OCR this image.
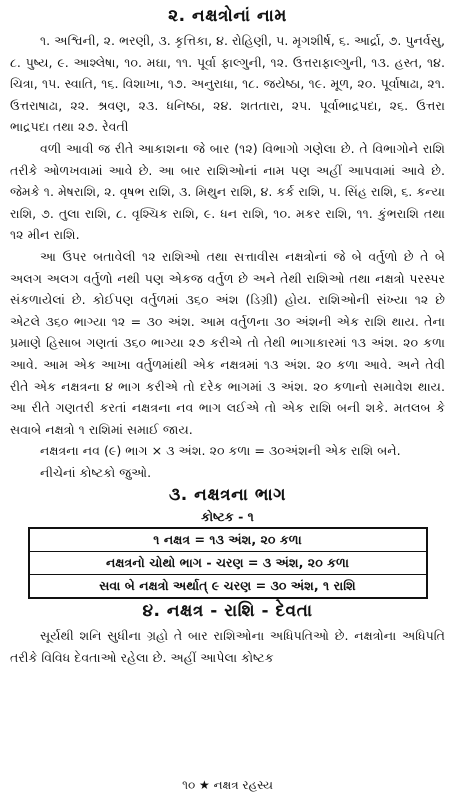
૨. નક્ષત્રોનાં નામ

૧. અશ્વિની, ૨. ભરણી, ૩. કૃત્તિકા, ૪. રોહિણી, ૫. મૃગશીર્ષ, ૬. આર્દ્રા, ૭. પુનર્વસુ, ૮. પુષ્ય, ૯. આશ્લેષા, ૧૦. મઘા, ૧૧. પૂર્વા ફાલ્ગુની, ૧૨. ઉત્તરાફાલ્ગુની, ૧૩. હસ્ત, ૧૪. ચિત્રા, ૧૫. સ્વાતિ, ૧૬. વિશાખા, ૧૭. અનુરાધા, ૧૮. જયેષ્ઠા, ૧૯. મૂળ, ૨૦. પૂર્વાષાઢા, ૨૧. ઉત્તરાષાઢા, ૨૨. શ્રવણ, ૨૩. ધનિષ્ઠા, ૨૪. શતતારા, ૨૫. પૂર્વાભાદ્રપદા, ૨૬. ઉત્તરા ભાદ્રપદા તથા ૨૭. રેવતી

વળી આવી જ રીતે આકાશના જે બાર (૧૨) વિભાગો ગણેલા છે. તે વિભાગોને રાશિ તરીકે ઓળખવામાં આવે છે. આ બાર રાશિઓનાં નામ પણ અહીં આપવામાં આવે છે. જેમકે ૧. મેષરાશિ, ૨. વૃષભ રાશિ, ૩. મિથુન રાશિ, ૪. કર્ક રાશિ, ૫. સિંહ રાશિ, ૬. કન્યા રાશિ, ૭. તુલા રાશિ, ૮. વૃશ્ચિક રાશિ, ૯. ધન રાશિ, ૧૦. મકર રાશિ, ૧૧. કુંભરાશિ તથા ૧૨ મીન રાશિ.

આ ઉપર બતાવેલી ૧૨ રાશિઓ તથા સત્તાવીસ નક્ષત્રોનાં જે બે વર્તુળો છે તે બે અલગ અલગ વર્તુળો નથી પણ એકજ વર્તુળ છે અને તેથી રાશિઓ તથા નક્ષત્રો પરસ્પર સંકળાયેલાં છે. કોઈપણ વર્તુળમાં ૩૬૦ અંશ (ડિગ્રી) હોય. રાશિઓની સંખ્યા ૧૨ છે એટલે ૩૬૦ ભાગ્યા ૧૨ = ૩૦ અંશ. આમ વર્તુળના ૩૦ અંશની એક રાશિ થાય. તેના પ્રમાણે હિસાબ ગણતાં ૩૬૦ ભાગ્યા ૨૭ કરીએ તો તેથી ભાગાકારમાં ૧૩ અંશ. ૨૦ કળા આવે. આમ એક આખા વર્તુળમાંથી એક નક્ષત્રમાં ૧૩ અંશ. ૨૦ કળા આવે. અને તેવી રીતે એક નક્ષત્રના ૪ ભાગ કરીએ તો દરેક ભાગમાં ૩ અંશ. ૨૦ કળાનો સમાવેશ થાય. આ રીતે ગણતરી કરતાં નક્ષત્રના નવ ભાગ લઈએ તો એક રાશિ બની શકે. મતલબ કે સવાબે નક્ષત્રો ૧ રાશિમાં સમાઈ જાય.

નક્ષત્રના નવ (૯) ભાગ × ૩ અંશ. ૨૦ કળા = ૩૦અંશની એક રાશિ બને.

નીચેનાં કોષ્ટકો જુઓ.

૩. નક્ષત્રના ભાગ
કોષ્ટક - ૧
૧ નક્ષત્ર = ૧૩ અંશ, ૨૦ કળા
નક્ષત્રનો ચોથો ભાગ - ચરણ = ૩ અંશ, ૨૦ કળા
સવા બે નક્ષત્રો અર્થાત્ ૯ ચરણ = ૩૦ અંશ, ૧ રાશિ
૪. નક્ષત્ર - રાશિ - દેવતા

સૂર્યથી શનિ સુધીના ગ્રહો તે બાર રાશિઓના અધિપતિઓ છે. નક્ષત્રોના અધિપતિ તરીકે વિવિધ દેવતાઓ રહેલા છે. અહીં આપેલા કોષ્ટક

૧૦ ★ નક્ષત્ર રહસ્ય
